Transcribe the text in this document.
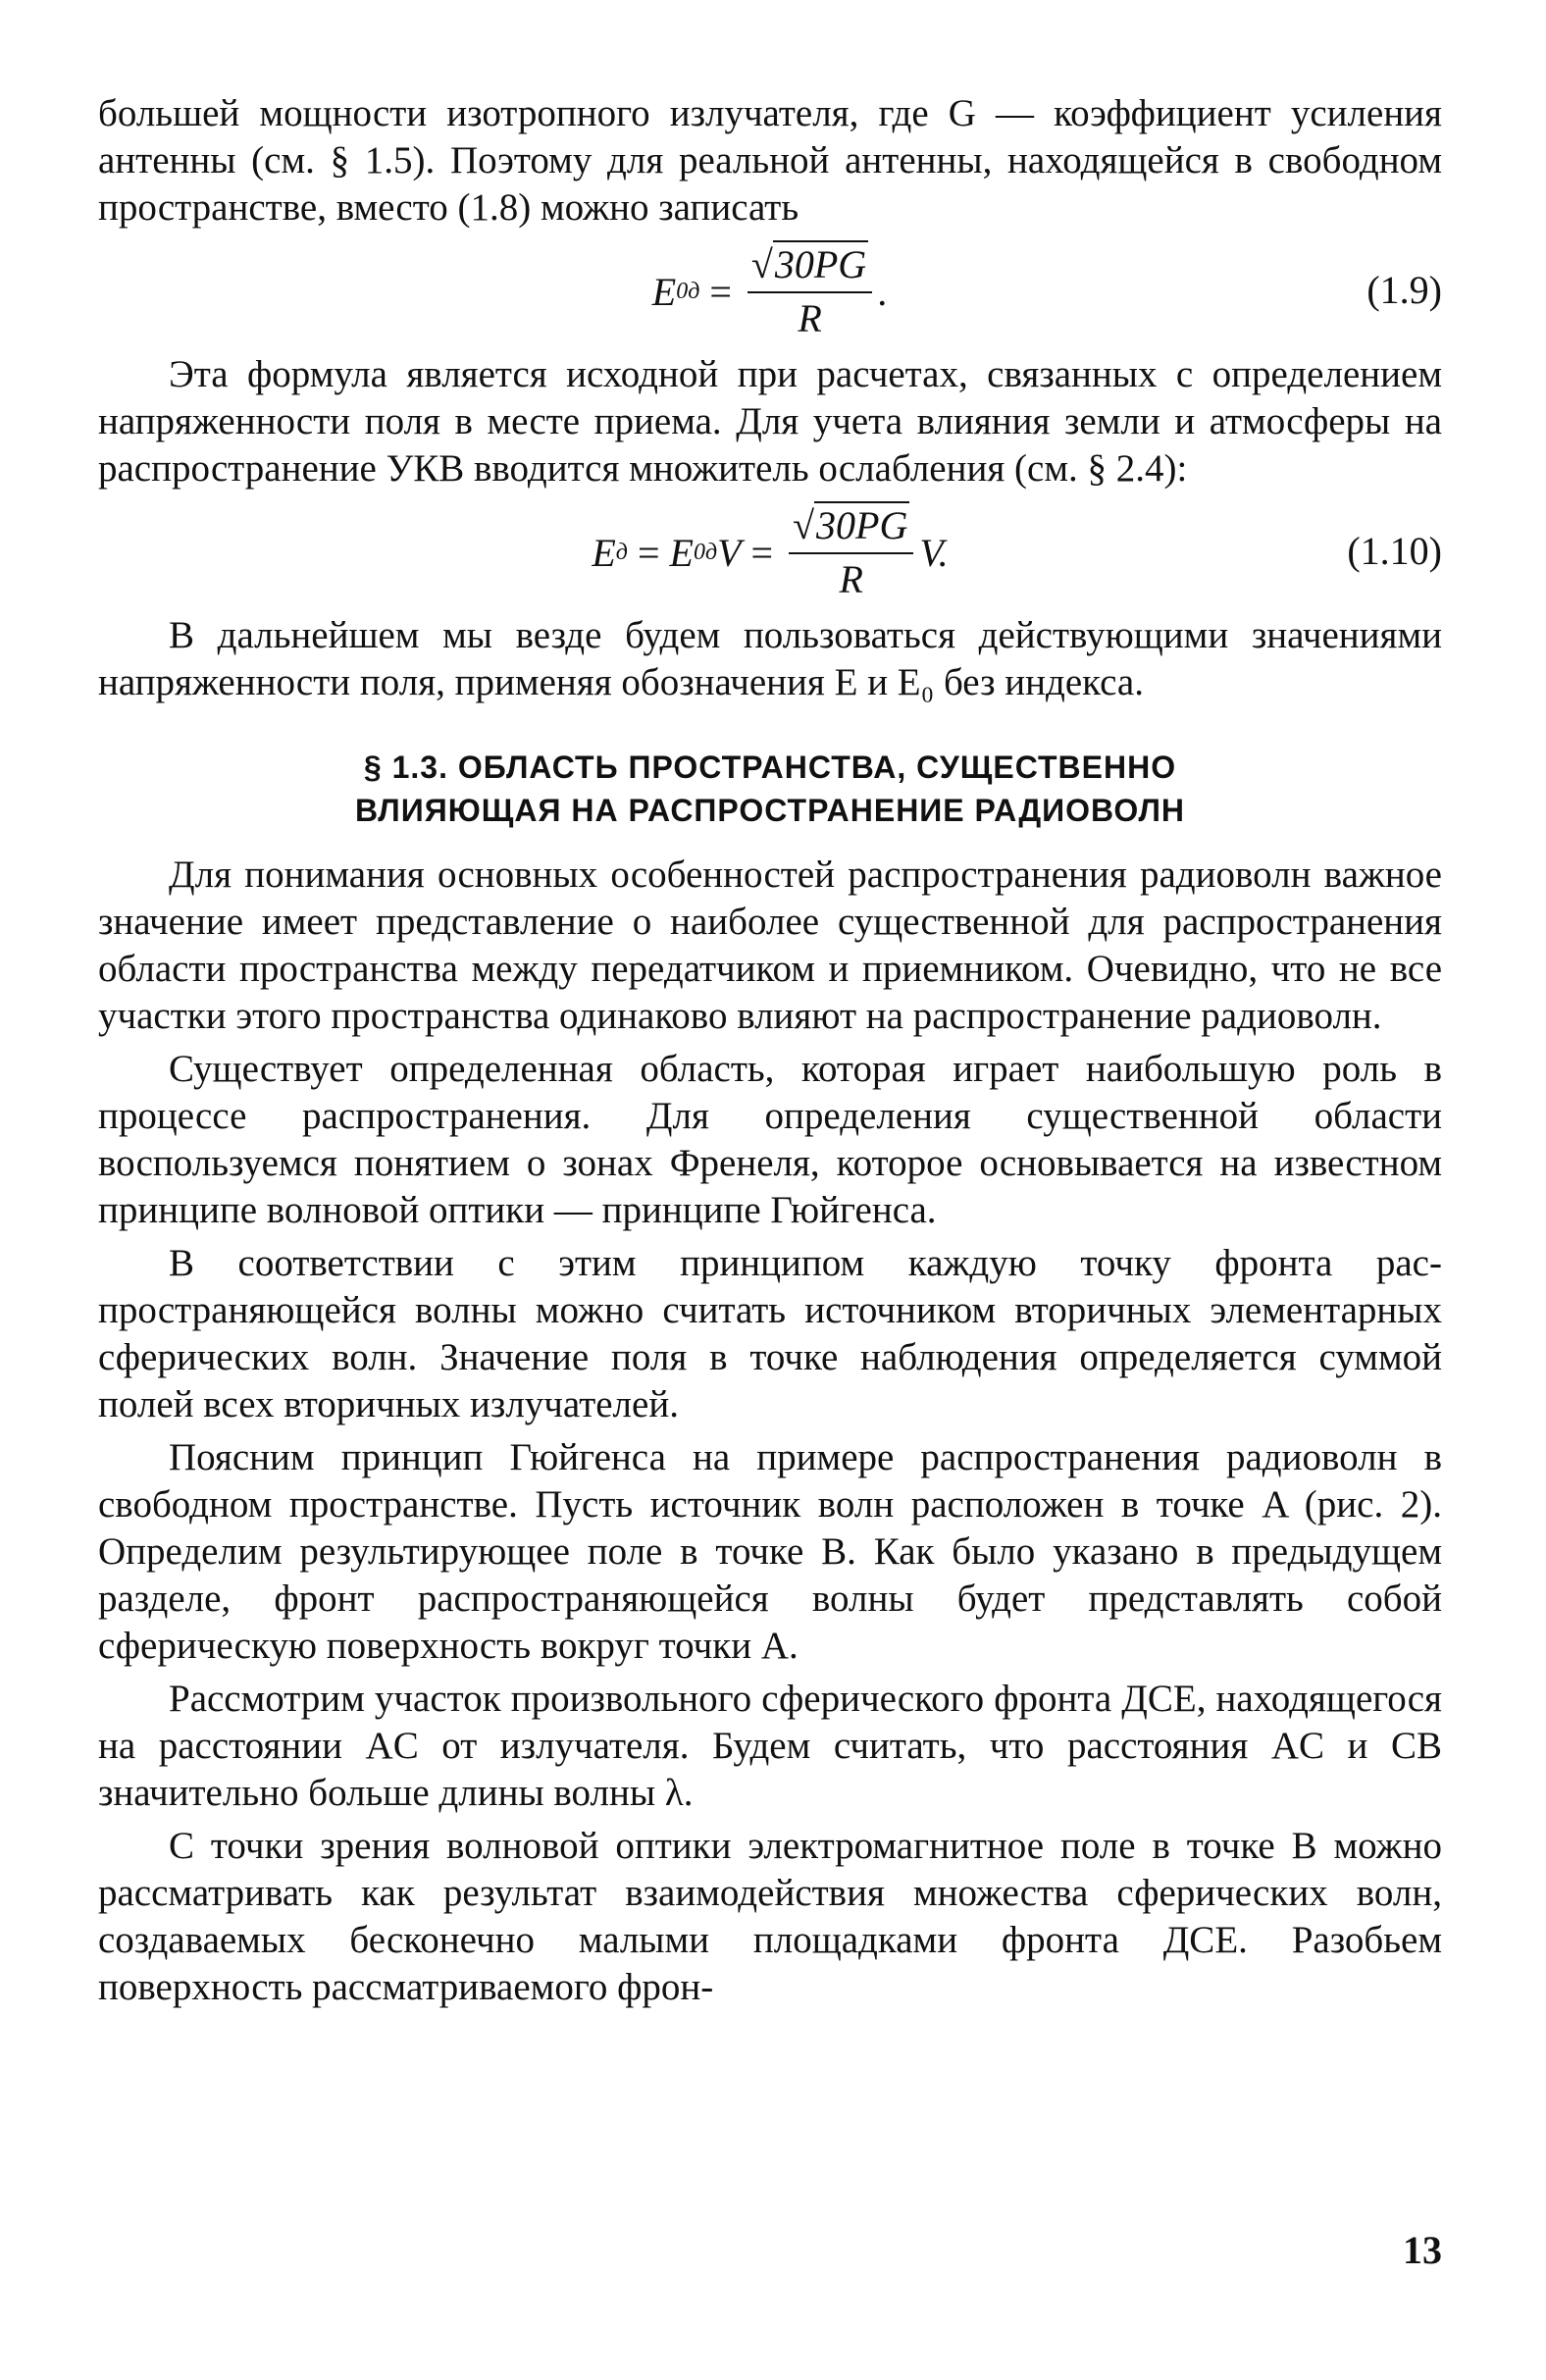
большей мощности изотропного излучателя, где G — коэффициент усиления антенны (см. § 1.5). Поэтому для реальной антенны, находящейся в свободном пространстве, вместо (1.8) можно записать

E $0д = \frac{√30PG}{R}$ .	(1.9)

Эта формула является исходной при расчетах, связанных с определением напряженности поля в месте приема. Для учета влияния земли и атмосферы на распространение УКВ вводится множитель ослабления (см. § 2.4):

E д = E 0д $V = \frac{√30PG}{R} V$.	(1.10)

В дальнейшем мы везде будем пользоваться действующими значениями напряженности поля, применяя обозначения E и E₀ без индекса.

§ 1.3. ОБЛАСТЬ ПРОСТРАНСТВА, СУЩЕСТВЕННО
ВЛИЯЮЩАЯ НА РАСПРОСТРАНЕНИЕ РАДИОВОЛН

Для понимания основных особенностей распространения радиоволн важное значение имеет представление о наиболее существенной для распространения области пространства между передатчиком и приемником. Очевидно, что не все участки этого пространства одинаково влияют на распространение радиоволн.

Существует определенная область, которая играет наибольшую роль в процессе распространения. Для определения существенной области воспользуемся понятием о зонах Френеля, которое основывается на известном принципе волновой оптики — принципе Гюйгенса.

В соответствии с этим принципом каждую точку фронта распространяющейся волны можно считать источником вторичных элементарных сферических волн. Значение поля в точке наблюдения определяется суммой полей всех вторичных излучателей.

Поясним принцип Гюйгенса на примере распространения радиоволн в свободном пространстве. Пусть источник волн расположен в точке A (рис. 2). Определим результирующее поле в точке B. Как было указано в предыдущем разделе, фронт распространяющейся волны будет представлять собой сферическую поверхность вокруг точки A.

Рассмотрим участок произвольного сферического фронта ДСЕ, находящегося на расстоянии AC от излучателя. Будем считать, что расстояния AC и CB значительно больше длины волны λ.

С точки зрения волновой оптики электромагнитное поле в точке B можно рассматривать как результат взаимодействия множества сферических волн, создаваемых бесконечно малыми площадками фронта ДСЕ. Разобьем поверхность рассматриваемого фрон-

13
